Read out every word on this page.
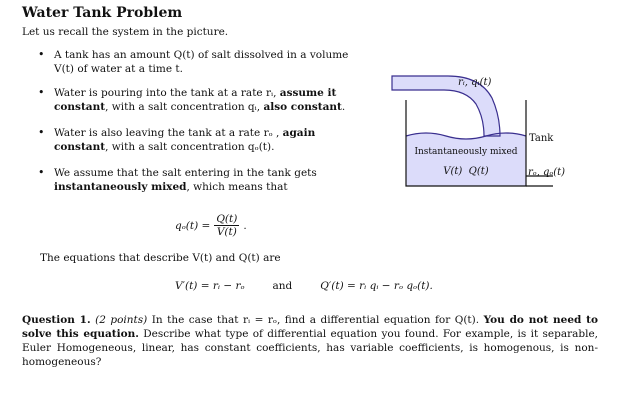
Water Tank Problem
Let us recall the system in the picture.
• A tank has an amount Q(t) of salt dissolved in a volume V(t) of water at a time t.
• Water is pouring into the tank at a rate rᵢ, assume it constant, with a salt concentration qᵢ, also constant.
• Water is also leaving the tank at a rate rₒ , again constant, with a salt concentration qₒ(t).
• We assume that the salt entering in the tank gets instantaneously mixed, which means that
$q_o(t) = \frac{Q(t)}{V(t)}$ .
The equations that describe V(t) and Q(t) are
V′(t) = rᵢ − rₒ	and	Q′(t) = rᵢ qᵢ − rₒ qₒ(t).
Question 1. (2 points) In the case that rᵢ = rₒ, find a differential equation for Q(t). You do not need to solve this equation. Describe what type of differential equation you found. For example, is it separable, Euler Homogeneous, linear, has constant coefficients, has variable coefficients, is homogenous, is non-homogeneous?
rᵢ, qᵢ(t)
Tank
Instantaneously mixed
V(t)  Q(t)	rₒ, qₒ(t)
